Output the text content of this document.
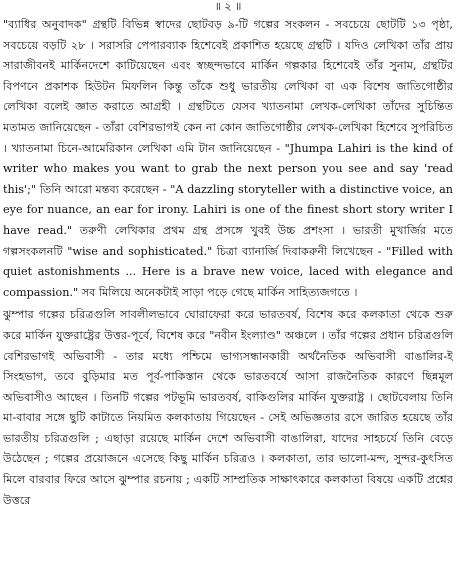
॥ ২ ॥

"ব্যাধির অনুবাদক" গ্রন্থটি বিভিন্ন স্বাদের ছোটবড় ৯-টি গল্পের সংকলন - সবচেয়ে ছোটটি ১৩ পৃষ্ঠা, সবচেয়ে বড়টি ২৮ । সরাসরি পেপারব্যাক হিশেবেই প্রকাশিত হয়েছে গ্রন্থটি । যদিও লেখিকা তাঁর প্রায় সারাজীবনই মার্কিনদেশে কাটিয়েছেন এবং স্বচ্ছন্দভাবে মার্কিন গল্পকার হিশেবেই তাঁর সুনাম, গ্রন্থটির বিপণনে প্রকাশক হিউটন মিফলিন কিন্তু তাঁকে শুধু ভারতীয় লেখিকা বা এক বিশেষ জাতিগোষ্ঠীর লেখিকা বলেই জ্ঞাত করাতে আগ্রহী । গ্রন্থটিতে যেসব খ্যাতনামা লেখক-লেখিকা তাঁদের সুচিন্তিত মতামত জানিয়েছেন - তাঁরা বেশিরভাগই কেন না কোন জাতিগোষ্ঠীর লেখক-লেখিকা হিশেবে সুপরিচিত । খ্যাতনামা চিনে-আমেরিকান লেখিকা এমি টান জানিয়েছেন - "Jhumpa Lahiri is the kind of writer who makes you want to grab the next person you see and say 'read this';" তিনি আরো মন্তব্য করেছেন - "A dazzling storyteller with a distinctive voice, an eye for nuance, an ear for irony. Lahiri is one of the finest short story writer I have read." তরুণী লেখিকার প্রথম গ্রন্থ প্রসঙ্গে খুবই উচ্চ প্রশংসা । ভারতী মুখার্জির মতে গল্পসংকলনটি "wise and sophisticated." চিত্রা ব্যানার্জি দিবাকরুনী লিখেছেন - "Filled with quiet astonishments ... Here is a brave new voice, laced with elegance and compassion." সব মিলিয়ে অনেকটাই সাড়া পড়ে গেছে মার্কিন সাহিত্যজগতে ।

ঝুম্পার গল্পের চরিত্রগুলি সাবলীলভাবে ঘোরাফেরা করে ভারতবর্ষ, বিশেষ করে কলকাতা থেকে শুরু করে মার্কিন যুক্তরাষ্ট্রের উত্তর-পূর্বে, বিশেষ করে "নবীন ইংল্যাণ্ড" অঞ্চলে । তাঁর গল্পের প্রধান চরিত্রগুলি বেশিরভাগই অভিবাসী - তার মধ্যে পশ্চিমে ভাগ্যসন্ধানকারী অর্থনৈতিক অভিবাসী বাঙালির-ই সিংহভাগ, তবে বুড়িমার মত পূর্ব-পাকিস্তান থেকে ভারতবর্ষে আসা রাজনৈতিক কারণে ছিন্নমূল অভিবাসীও আছেন । তিনটি গল্পের পটভূমি ভারতবর্ষ, বাকিগুলির মার্কিন যুক্তরাষ্ট্র । ছোটবেলায় তিনি মা-বাবার সঙ্গে ছুটি কাটাতে নিয়মিত কলকাতায় গিয়েছেন - সেই অভিজ্ঞতার রসে জারিত হয়েছে তাঁর ভারতীয় চরিত্রগুলি ; এছাড়া রয়েছে মার্কিন দেশে অভিবাসী বাঙালিরা, যাদের সাহচর্যে তিনি বেড়ে উঠেছেন ; গল্পের প্রয়োজনে এসেছে কিছু মার্কিন চরিত্রও । কলকাতা, তার ভালো-মন্দ, সুন্দর-কুৎসিত মিলে বারবার ফিরে আসে ঝুম্পার রচনায় ; একটি সাম্প্রতিক সাক্ষাৎকারে কলকাতা বিষয়ে একটি প্রশ্নের উত্তরে
